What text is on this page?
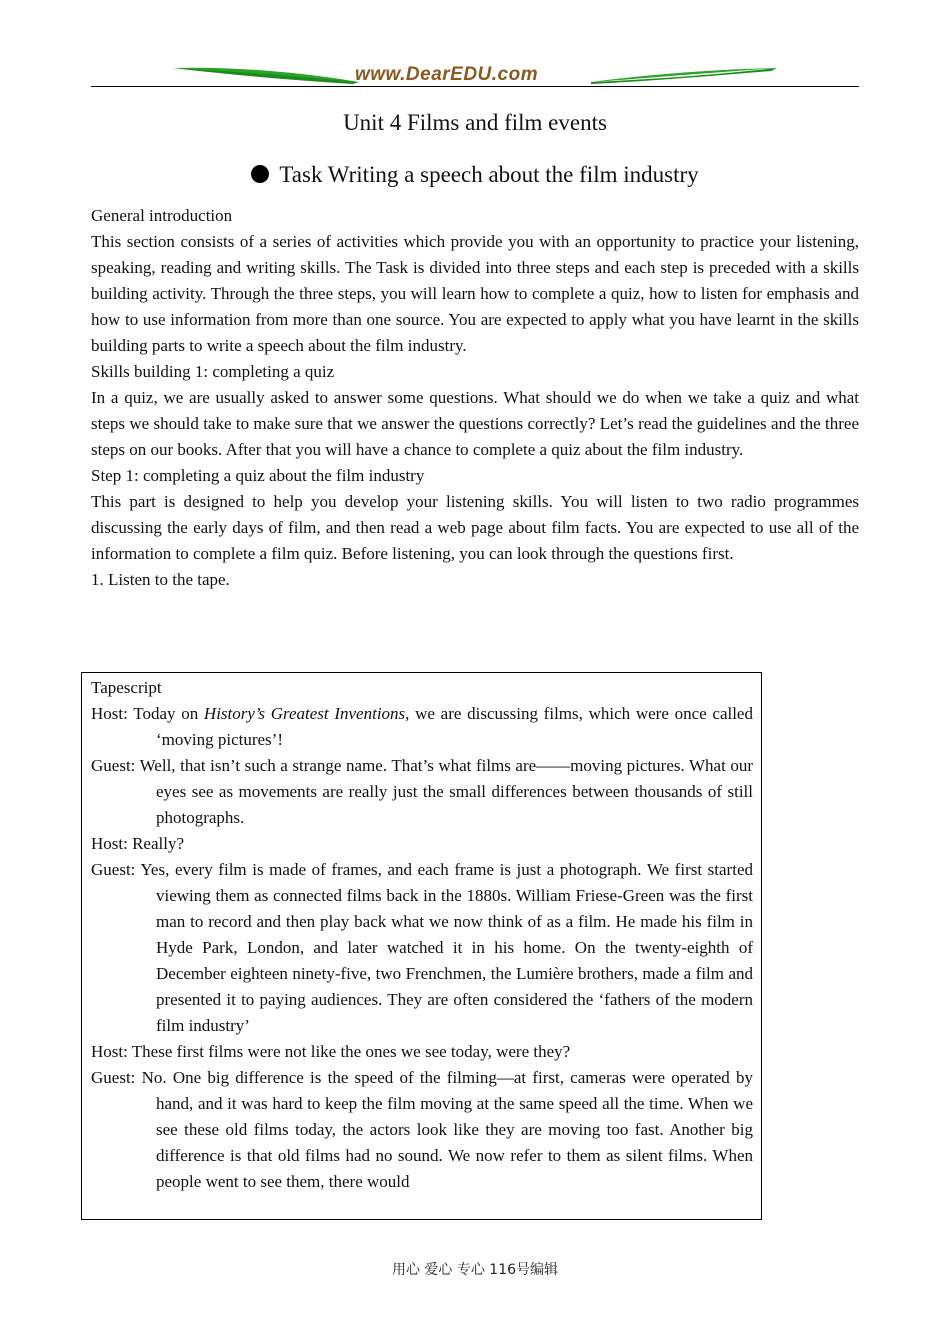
www.DearEDU.com
Unit 4 Films and film events
Task Writing a speech about the film industry

General introduction

This section consists of a series of activities which provide you with an opportunity to practice your listening, speaking, reading and writing skills. The Task is divided into three steps and each step is preceded with a skills building activity. Through the three steps, you will learn how to complete a quiz, how to listen for emphasis and how to use information from more than one source. You are expected to apply what you have learnt in the skills building parts to write a speech about the film industry.

Skills building 1: completing a quiz

In a quiz, we are usually asked to answer some questions. What should we do when we take a quiz and what steps we should take to make sure that we answer the questions correctly? Let’s read the guidelines and the three steps on our books. After that you will have a chance to complete a quiz about the film industry.

Step 1: completing a quiz about the film industry

This part is designed to help you develop your listening skills. You will listen to two radio programmes discussing the early days of film, and then read a web page about film facts. You are expected to use all of the information to complete a film quiz. Before listening, you can look through the questions first.

1. Listen to the tape.

Tapescript

Host: Today on History’s Greatest Inventions, we are discussing films, which were once called ‘moving pictures’!

Guest: Well, that isn’t such a strange name. That’s what films are——moving pictures. What our eyes see as movements are really just the small differences between thousands of still photographs.

Host: Really?

Guest: Yes, every film is made of frames, and each frame is just a photograph. We first started viewing them as connected films back in the 1880s. William Friese-Green was the first man to record and then play back what we now think of as a film. He made his film in Hyde Park, London, and later watched it in his home. On the twenty-eighth of December eighteen ninety-five, two Frenchmen, the Lumière brothers, made a film and presented it to paying audiences. They are often considered the ‘fathers of the modern film industry’

Host: These first films were not like the ones we see today, were they?

Guest: No. One big difference is the speed of the filming—at first, cameras were operated by hand, and it was hard to keep the film moving at the same speed all the time. When we see these old films today, the actors look like they are moving too fast. Another big difference is that old films had no sound. We now refer to them as silent films. When people went to see them, there would

用心 爱心 专心 116号编辑
